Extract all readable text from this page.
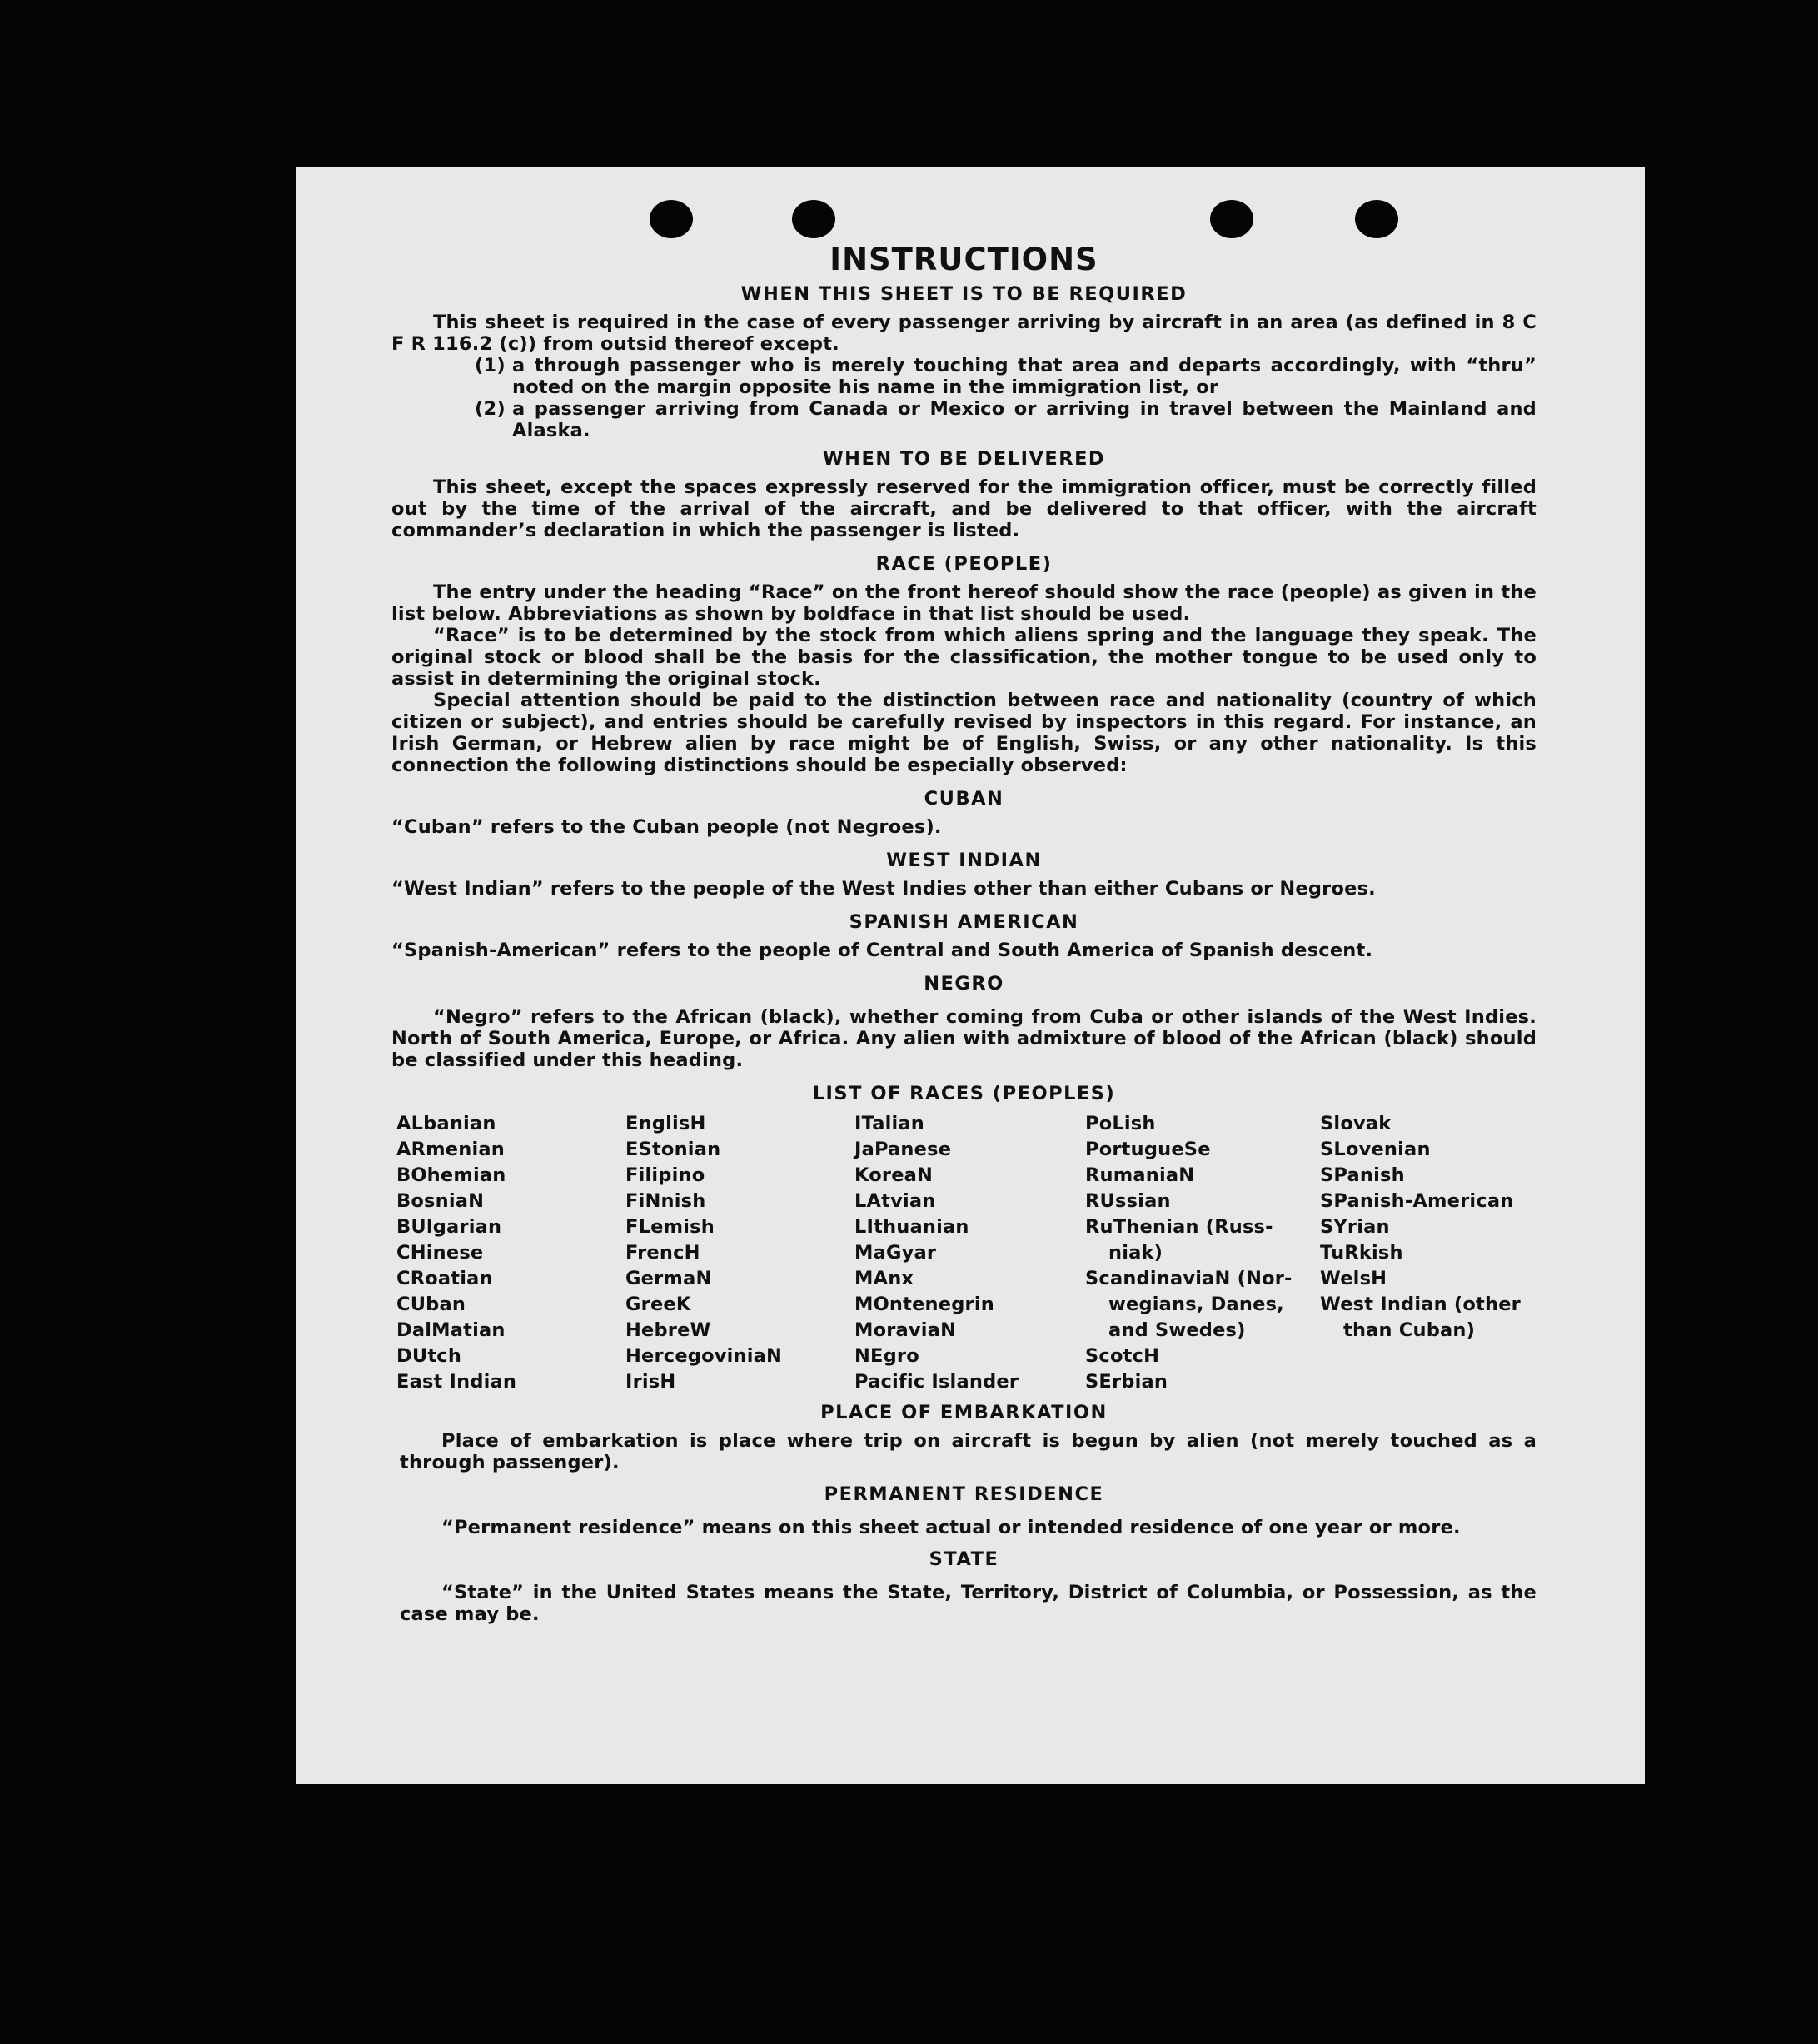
INSTRUCTIONS
WHEN THIS SHEET IS TO BE REQUIRED

This sheet is required in the case of every passenger arriving by aircraft in an area (as defined in 8 C F R 116.2 (c)) from outsid thereof except.

(1) a through passenger who is merely touching that area and departs accordingly, with “thru” noted on the margin opposite his name in the immigration list, or
(2) a passenger arriving from Canada or Mexico or arriving in travel between the Mainland and Alaska.
WHEN TO BE DELIVERED

This sheet, except the spaces expressly reserved for the immigration officer, must be correctly filled out by the time of the arrival of the aircraft, and be delivered to that officer, with the aircraft commander’s declaration in which the passenger is listed.

RACE (PEOPLE)

The entry under the heading “Race” on the front hereof should show the race (people) as given in the list below. Abbreviations as shown by boldface in that list should be used.

“Race” is to be determined by the stock from which aliens spring and the language they speak. The original stock or blood shall be the basis for the classification, the mother tongue to be used only to assist in determining the original stock.

Special attention should be paid to the distinction between race and nationality (country of which citizen or subject), and entries should be carefully revised by inspectors in this regard. For instance, an Irish German, or Hebrew alien by race might be of English, Swiss, or any other nationality. Is this connection the following distinctions should be especially observed:

CUBAN

“Cuban” refers to the Cuban people (not Negroes).

WEST INDIAN

“West Indian” refers to the people of the West Indies other than either Cubans or Negroes.

SPANISH AMERICAN

“Spanish-American” refers to the people of Central and South America of Spanish descent.

NEGRO

“Negro” refers to the African (black), whether coming from Cuba or other islands of the West Indies. North of South America, Europe, or Africa. Any alien with admixture of blood of the African (black) should be classified under this heading.

LIST OF RACES (PEOPLES)
ALbanian	EnglisH	ITalian	PoLish	Slovak
ARmenian	EStonian	JaPanese	PortugueSe	SLovenian
BOhemian	Filipino	KoreaN	RumaniaN	SPanish
BosniaN	FiNnish	LAtvian	RUssian	SPanish-American
BUlgarian	FLemish	LIthuanian	RuThenian (Russ-	SYrian
CHinese	FrencH	MaGyar	niak)	TuRkish
CRoatian	GermaN	MAnx	ScandinaviaN (Nor-	WelsH
CUban	GreeK	MOntenegrin	wegians, Danes,	West Indian (other
DalMatian	HebreW	MoraviaN	and Swedes)	than Cuban)
DUtch	HercegoviniaN	NEgro	ScotcH
East Indian	IrisH	Pacific Islander	SErbian
PLACE OF EMBARKATION

Place of embarkation is place where trip on aircraft is begun by alien (not merely touched as a through passenger).

PERMANENT RESIDENCE

“Permanent residence” means on this sheet actual or intended residence of one year or more.

STATE

“State” in the United States means the State, Territory, District of Columbia, or Possession, as the case may be.
